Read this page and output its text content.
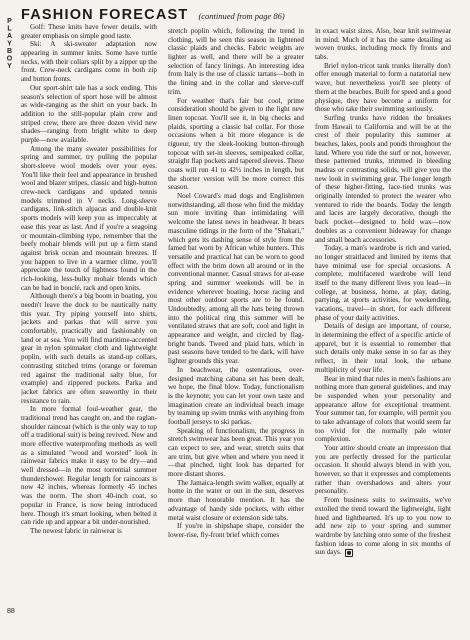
PLAYBOY
FASHION FORECAST (continued from page 86)

Golf: These knits have fewer details, with greater emphasis on simple good taste.

Ski: A ski-sweater adaptation now appearing in summer knits. Some have turtle necks, with their collars split by a zipper up the front. Crew-neck cardigans come in both zip and button fronts.

Our sport-shirt tale has a sock ending. This season's selection of sport hose will be almost as wide-ranging as the shirt on your back. In addition to the still-popular plain crew and striped crew, there are three dozen vivid new shades—ranging from bright white to deep purple—now available.

Among the many sweater possibilities for spring and summer, try pulling the popular short-sleeve wool models over your eyes. You'll like their feel and appearance in brushed wool and blazer stripes, classic and high-button crew-neck cardigans and updated tennis models trimmed in V necks. Long-sleeve cardigans, link-stitch alpacas and double-knit sports models will keep you as impeccably at ease this year as last. And if you're a seagoing or mountain-climbing type, remember that the beefy mohair blends will put up a firm stand against brisk ocean and mountain breezes. If you happen to live in a warmer clime, you'll appreciate the touch of lightness found in the rich-looking, less-bulky mohair blends which can be had in bouclé, rack and open knits.

Although there's a big boom in boating, you needn't leave the dock to be nautically natty this year. Try piping yourself into shirts, jackets and parkas that will serve you comfortably, practically and fashionably on land or at sea. You will find maritime-accented gear in nylon spinnaker cloth and lightweight poplin, with such details as stand-up collars, contrasting stitched trims (orange or foreman red against the traditional salty blue, for example) and zippered pockets. Parka and jacket fabrics are often seaworthy in their resistance to rain.

In more formal foul-weather gear, the traditional trend has caught on, and the raglan-shoulder raincoat (which is the only way to top off a traditional suit) is being revived. New and more effective waterproofing methods as well as a simulated "wood and worsted" look in rainwear fabrics make it easy to be dry—and well dressed—in the most torrential summer thundershower. Regular length for raincoats is now 42 inches, whereas formerly 45 inches was the norm. The short 40-inch coat, so popular in France, is now being introduced here. Though it's smart looking, when belted it can ride up and appear a bit under-nourished.

The newest fabric in rainwear is

stretch poplin which, following the trend in clothing, will be seen this season in lightened classic plaids and checks. Fabric weights are lighter as well, and there will be a greater selection of fancy linings. An interesting idea from Italy is the use of classic tartans—both in the lining and in the collar and sleeve-cuff trim.

For weather that's fair but cool, prime consideration should be given to the light new linen topcoat. You'll see it, in big checks and plaids, sporting a classic bal collar. For those occasions when a bit more elegance is de rigueur, try the sleek-looking button-through topcoat with set-in sleeves, semipeaked collar, straight flap pockets and tapered sleeves. These coats will run 41 to 42½ inches in length, but the shorter version will be more correct this season.

Noel Coward's mad dogs and Englishmen notwithstanding, all those who find the midday sun more inviting than intimidating will welcome the latest news in headwear. It bears masculine tidings in the form of the "Shakari," which gets its dashing sense of style from the famed bat worn by African white hunters. This versatile and practical hat can be worn to good effect with the brim down all around or in the conventional manner. Casual straws for at-ease spring and summer weekends will be in evidence wherever boating, horse racing and most other outdoor sports are to be found. Undoubtedly, among all the hats being thrown into the political ring this summer will be ventilated straws that are soft, cool and light in appearance and weight, and circled by flag-bright bands. Tweed and plaid hats, which in past seasons have tended to be dark, will have lighter grounds this year.

In beachwear, the ostentatious, over-designed matching cabana set has been dealt, we hope, the final blow. Today, functionalism is the keynote; you can let your own taste and imagination create an individual beach image by teaming up swim trunks with anything from football jerseys to ski parkas.

Speaking of functionalism, the progress in stretch swimwear has been great. This year you can expect to see, and wear, stretch suits that are trim, but give when and where you need it—that pinched, tight look has departed for more distant shores.

The Jamaica-length swim walker, equally at home in the water or out in the sun, deserves more than honorable mention. It has the advantage of handy side pockets, with either metal waist closure or extension side tabs.

If you're in shipshape shape, consider the lower-rise, fly-front brief which comes

in exact waist sizes. Also, bear knit swimwear in mind. Much of it has the same detailing as woven trunks, including mock fly fronts and tabs.

Brief nylon-tricot tank trunks literally don't offer enough material to form a natatorial new wave, but nevertheless you'll see plenty of them at the beaches. Built for speed and a good physique, they have become a uniform for those who take their swimming seriously.

Surfing trunks have ridden the breakers from Hawaii to California and will be at the crest of their popularity this summer at beaches, lakes, pools and ponds throughout the land. Where you ride the surf or not, however, these patterned trunks, trimmed in bleeding madras or contrasting solids, will give you the new look in swimming gear. The longer length of these higher-fitting, lace-tied trunks was originally intended to protect the wearer who ventured to ride the boards. Today the length and laces are largely decorative, though the back pocket—designed to hold wax—now doubles as a convenient hideaway for change and small beach accessories.

Today, a man's wardrobe is rich and varied, no longer straitlaced and limited by items that have minimal use for special occasions. A complete, multifaceted wardrobe will lend itself to the many different lives you lead—in college, at business, home, at play, dating, partying, at sports activities, for weekending, vacations, travel—in short, for each different phase of your daily activities.

Details of design are important, of course, in determining the effect of a specific article of apparel, but it is essential to remember that such details only make sense in so far as they reflect, in their total look, the urbane multiplicity of your life.

Bear in mind that rules in men's fashions are nothing more than general guidelines, and may be suspended when your personality and appearance allow for exceptional treatment. Your summer tan, for example, will permit you to take advantage of colors that would seem far too vivid for the normally pale winter complexion.

Your attire should create an impression that you are perfectly dressed for the particular occasion. It should always blend in with you, however, so that it expresses and complements rather than overshadows and alters your personality.

From business suits to swimsuits, we've extolled the trend toward the lightweight, light hued and lighthearted. It's up to you now to add new zip to your spring and summer wardrobe by latching onto some of the freshest fashion ideas to come along in six months of sun days.

88
